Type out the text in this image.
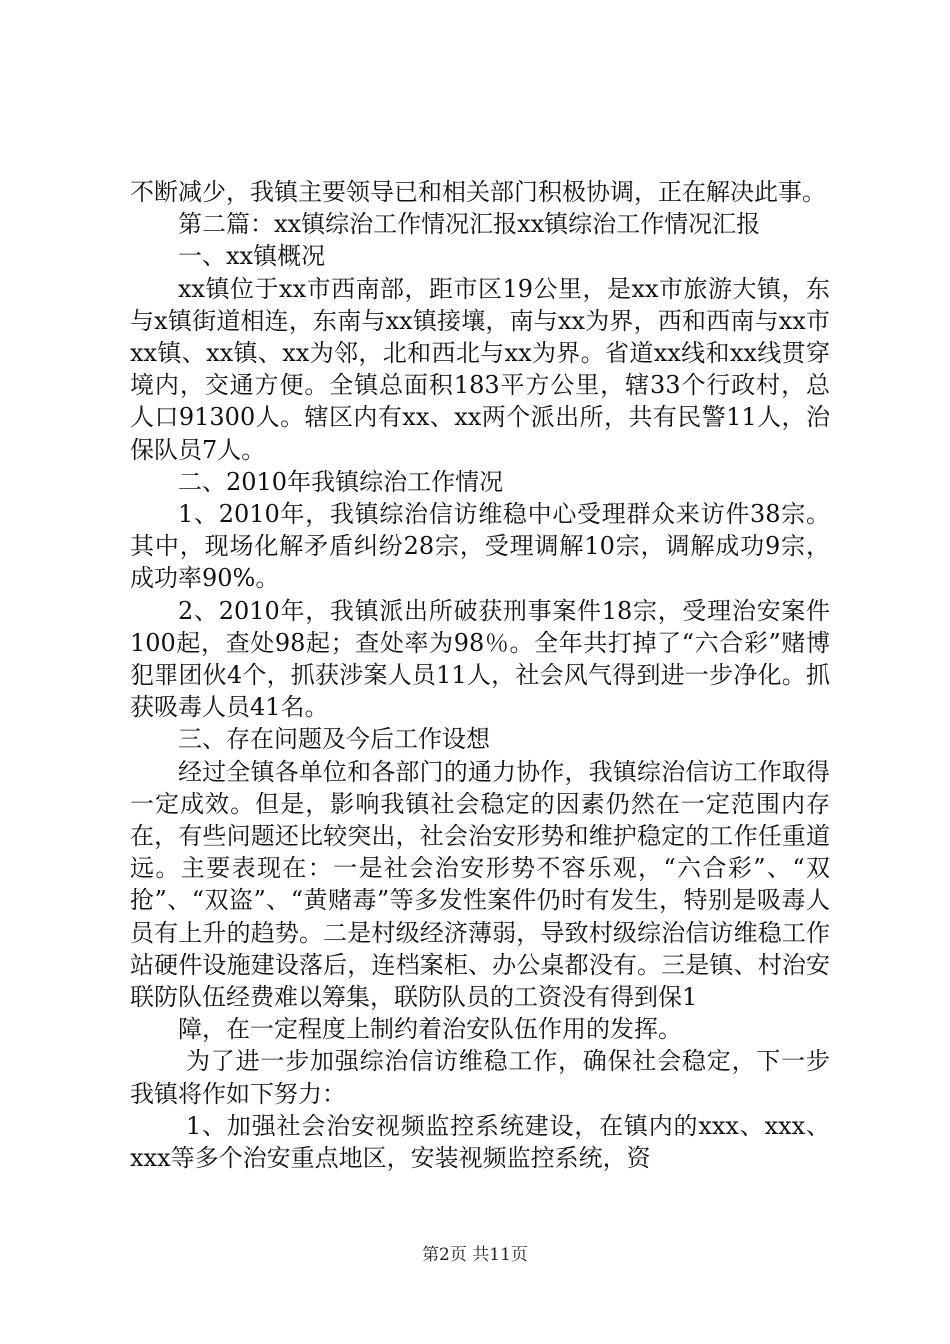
不断减少，我镇主要领导已和相关部门积极协调，正在解决此事。

第二篇：xx镇综治工作情况汇报xx镇综治工作情况汇报

一、xx镇概况

xx镇位于xx市西南部，距市区19公里，是xx市旅游大镇，东与x镇街道相连，东南与xx镇接壤，南与xx为界，西和西南与xx市xx镇、xx镇、xx为邻，北和西北与xx为界。省道xx线和xx线贯穿境内，交通方便。全镇总面积183平方公里，辖33个行政村，总人口91300人。辖区内有xx、xx两个派出所，共有民警11人，治保队员7人。

二、2010年我镇综治工作情况

1、2010年，我镇综治信访维稳中心受理群众来访件38宗。其中，现场化解矛盾纠纷28宗，受理调解10宗，调解成功9宗，成功率90%。

2、2010年，我镇派出所破获刑事案件18宗，受理治安案件100起，查处98起；查处率为98％。全年共打掉了“六合彩”赌博犯罪团伙4个，抓获涉案人员11人，社会风气得到进一步净化。抓获吸毒人员41名。

三、存在问题及今后工作设想

经过全镇各单位和各部门的通力协作，我镇综治信访工作取得一定成效。但是，影响我镇社会稳定的因素仍然在一定范围内存在，有些问题还比较突出，社会治安形势和维护稳定的工作任重道远。主要表现在：一是社会治安形势不容乐观，“六合彩”、“双抢”、“双盗”、“黄赌毒”等多发性案件仍时有发生，特别是吸毒人员有上升的趋势。二是村级经济薄弱，导致村级综治信访维稳工作站硬件设施建设落后，连档案柜、办公桌都没有。三是镇、村治安联防队伍经费难以筹集，联防队员的工资没有得到保1

障，在一定程度上制约着治安队伍作用的发挥。

为了进一步加强综治信访维稳工作，确保社会稳定，下一步我镇将作如下努力：

1、加强社会治安视频监控系统建设，在镇内的xxx、xxx、xxx等多个治安重点地区，安装视频监控系统，资

第2页 共11页
